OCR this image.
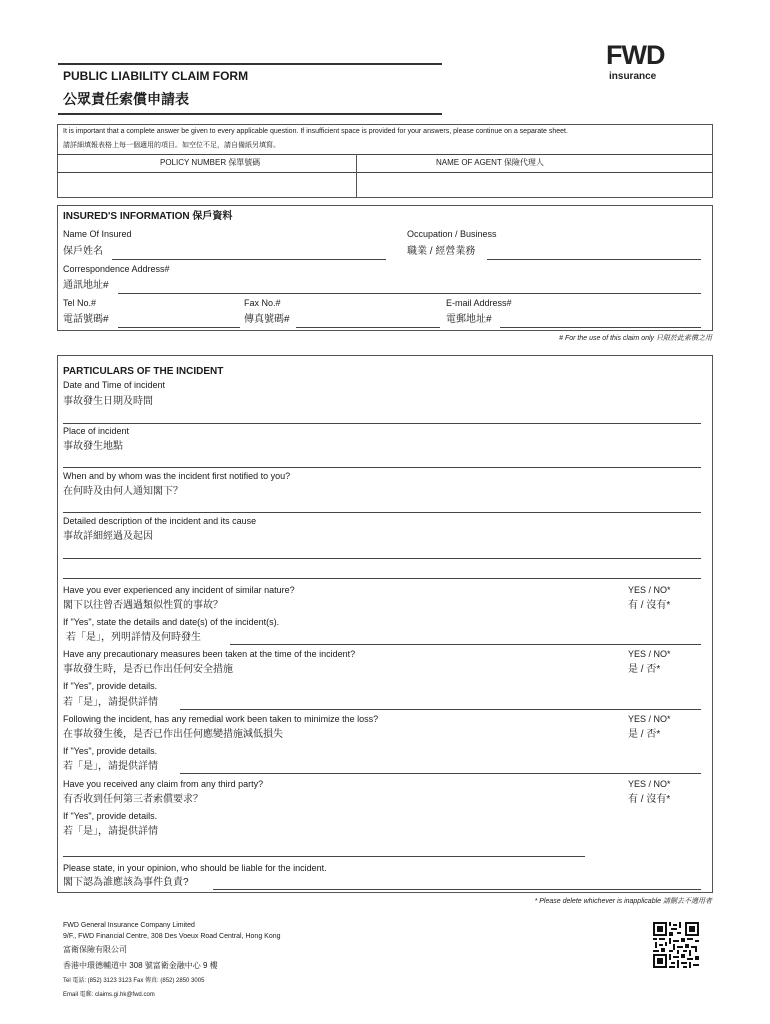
PUBLIC LIABILITY CLAIM FORM
公眾責任索償申請表
FWD
insurance
It is important that a complete answer be given to every applicable question. If insufficient space is provided for your answers, please continue on a separate sheet.
請詳細填報表格上每一個適用的項目。如空位不足，請自備紙另填寫。
POLICY NUMBER 保單號碼	NAME OF AGENT 保險代理人
INSURED'S INFORMATION 保戶資料
Name Of Insured
保戶姓名
Occupation / Business
職業 / 經營業務
Correspondence Address#
通訊地址#
Tel No.#
電話號碼#
Fax No.#
傳真號碼#
E-mail Address#
電郵地址#
# For the use of this claim only 只限於此索償之用
PARTICULARS OF THE INCIDENT
Date and Time of incident
事故發生日期及時間
Place of incident
事故發生地點
When and by whom was the incident first notified to you?
在何時及由何人通知閣下？
Detailed description of the incident and its cause
事故詳細經過及起因
Have you ever experienced any incident of similar nature?
閣下以往曾否遇過類似性質的事故？
YES / NO*
有 / 沒有*
If "Yes", state the details and date(s) of the incident(s).
若「是」，列明詳情及何時發生
Have any precautionary measures been taken at the time of the incident?
事故發生時，是否已作出任何安全措施
YES / NO*
是 / 否*
If "Yes", provide details.
若「是」，請提供詳情
Following the incident, has any remedial work been taken to minimize the loss?
在事故發生後，是否已作出任何應變措施減低損失
YES / NO*
是 / 否*
If "Yes", provide details.
若「是」，請提供詳情
Have you received any claim from any third party?
有否收到任何第三者索償要求？
YES / NO*
有 / 沒有*
If "Yes", provide details.
若「是」，請提供詳情
Please state, in your opinion, who should be liable for the incident.
閣下認為誰應該為事件負責?
* Please delete whichever is inapplicable 請刪去不適用者
FWD General Insurance Company Limited
9/F., FWD Financial Centre, 308 Des Voeux Road Central, Hong Kong
富衛保險有限公司
香港中環德輔道中 308 號富衛金融中心 9 樓
Tel 電話: (852) 3123 3123 Fax 傳真: (852) 2850 3005
Email 電郵: claims.gi.hk@fwd.com
